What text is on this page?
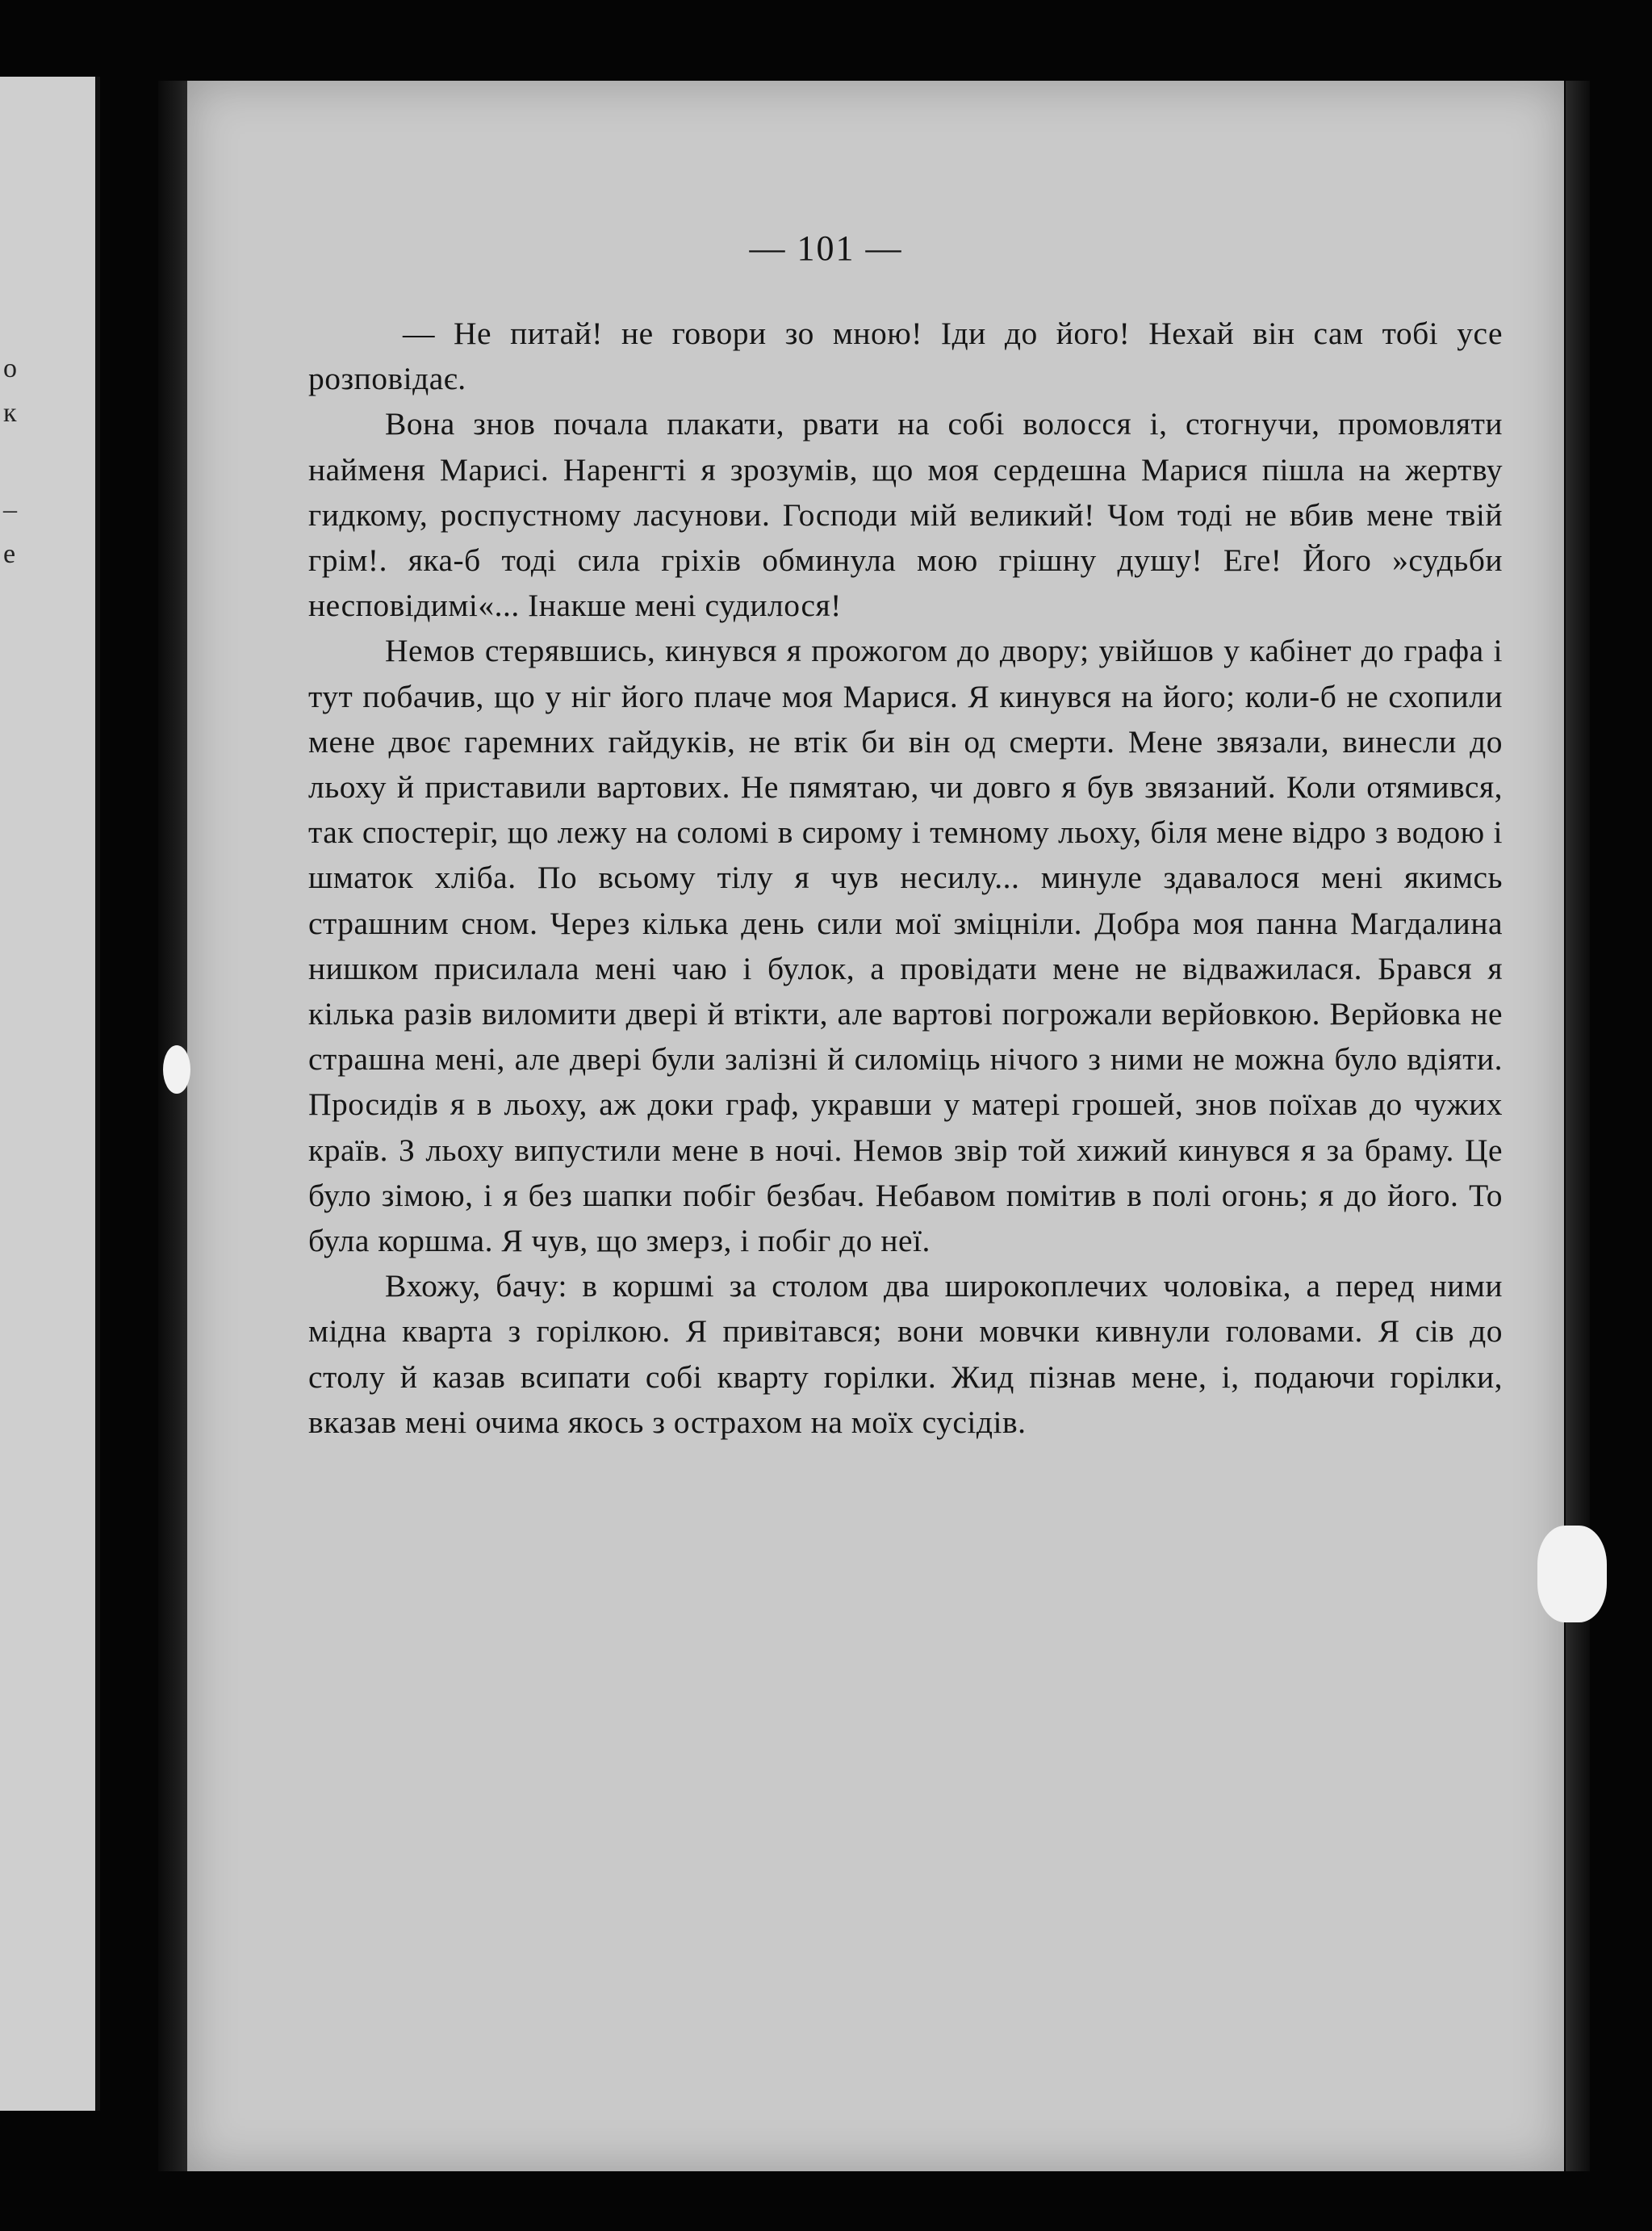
о
к
–
е
— 101 —

— Не питай! не говори зо мною! Іди до його! Нехай він сам тобі усе розповідає.

Вона знов почала плакати, рвати на собі волосся і, стогнучи, промовляти найменя Марисі. Наренгті я зрозумів, що моя сердешна Марися пішла на жертву гидкому, роспустному ласунови. Господи мій великий! Чом тоді не вбив мене твій грім!. яка-б тоді сила гріхів обминула мою грішну душу! Еге! Його »судьби несповідимі«... Інакше мені судилося!

Немов стерявшись, кинувся я прожогом до двору; увійшов у кабінет до графа і тут побачив, що у ніг його плаче моя Марися. Я кинувся на його; коли-б не схопили мене двоє гаремних гайдуків, не втік би він од смерти. Мене звязали, винесли до льоху й приставили вартових. Не пямятаю, чи довго я був звязаний. Коли отямився, так спостеріг, що лежу на соломі в сирому і темному льоху, біля мене відро з водою і шматок хліба. По всьому тілу я чув несилу... минуле здавалося мені якимсь страшним сном. Через кілька день сили мої зміцніли. Добра моя панна Магдалина нишком присилала мені чаю і булок, а провідати мене не відважилася. Брався я кілька разів виломити двері й втікти, але вартові погрожали верйовкою. Верйовка не страшна мені, але двері були залізні й силоміць нічого з ними не можна було вдіяти. Просидів я в льоху, аж доки граф, укравши у матері грошей, знов поїхав до чужих країв. З льоху випустили мене в ночі. Немов звір той хижий кинувся я за браму. Це було зімою, і я без шапки побіг безбач. Небавом помітив в полі огонь; я до його. То була коршма. Я чув, що змерз, і побіг до неї.

Вхожу, бачу: в коршмі за столом два широкоплечих чоловіка, а перед ними мідна кварта з горілкою. Я привітався; вони мовчки кивнули головами. Я сів до столу й казав всипати собі кварту горілки. Жид пізнав мене, і, подаючи горілки, вказав мені очима якось з острахом на моїх сусідів.
